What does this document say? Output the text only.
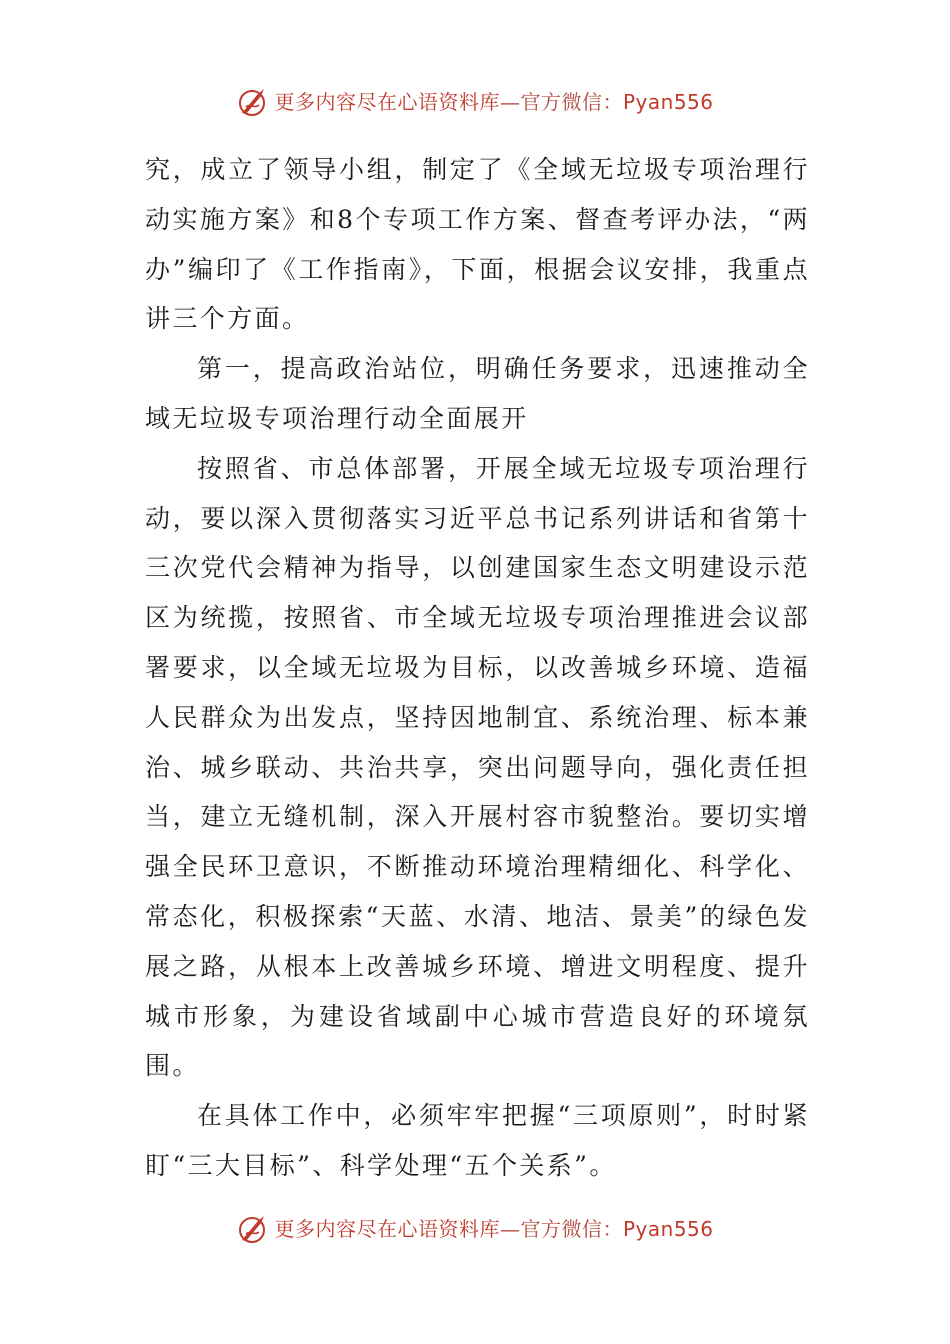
更多内容尽在心语资料库—官方微信：Pyan556

究，成立了领导小组，制定了《全域无垃圾专项治理行动实施方案》和8个专项工作方案、督查考评办法，“两办”编印了《工作指南》，下面，根据会议安排，我重点讲三个方面。

第一，提高政治站位，明确任务要求，迅速推动全域无垃圾专项治理行动全面展开

按照省、市总体部署，开展全域无垃圾专项治理行动，要以深入贯彻落实习近平总书记系列讲话和省第十三次党代会精神为指导，以创建国家生态文明建设示范区为统揽，按照省、市全域无垃圾专项治理推进会议部署要求，以全域无垃圾为目标，以改善城乡环境、造福人民群众为出发点，坚持因地制宜、系统治理、标本兼治、城乡联动、共治共享，突出问题导向，强化责任担当，建立无缝机制，深入开展村容市貌整治。要切实增强全民环卫意识，不断推动环境治理精细化、科学化、常态化，积极探索“天蓝、水清、地洁、景美”的绿色发展之路，从根本上改善城乡环境、增进文明程度、提升城市形象，为建设省域副中心城市营造良好的环境氛围。

在具体工作中，必须牢牢把握“三项原则”，时时紧盯“三大目标”、科学处理“五个关系”。

更多内容尽在心语资料库—官方微信：Pyan556
